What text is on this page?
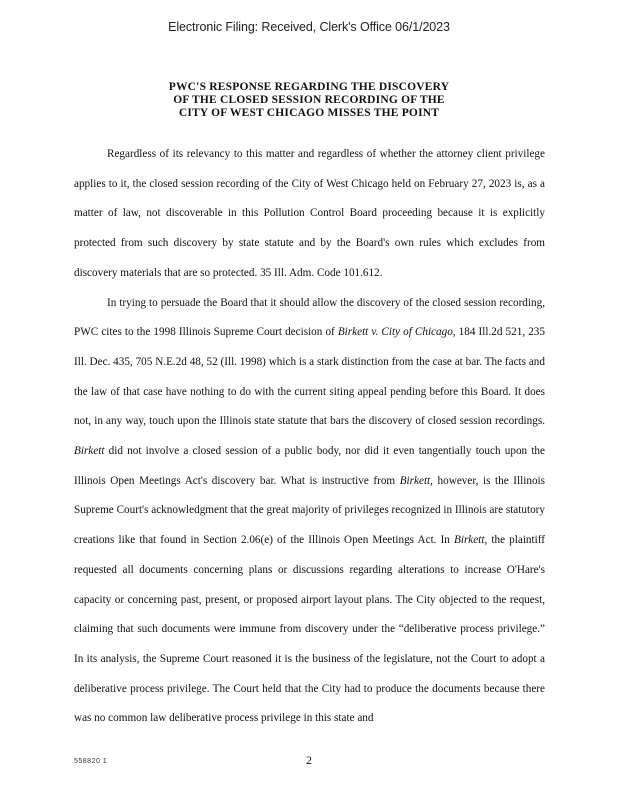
Electronic Filing: Received, Clerk's Office 06/1/2023
PWC'S RESPONSE REGARDING THE DISCOVERY
OF THE CLOSED SESSION RECORDING OF THE
CITY OF WEST CHICAGO MISSES THE POINT

Regardless of its relevancy to this matter and regardless of whether the attorney client privilege applies to it, the closed session recording of the City of West Chicago held on February 27, 2023 is, as a matter of law, not discoverable in this Pollution Control Board proceeding because it is explicitly protected from such discovery by state statute and by the Board's own rules which excludes from discovery materials that are so protected. 35 Ill. Adm. Code 101.612.

In trying to persuade the Board that it should allow the discovery of the closed session recording, PWC cites to the 1998 Illinois Supreme Court decision of Birkett v. City of Chicago, 184 Ill.2d 521, 235 Ill. Dec. 435, 705 N.E.2d 48, 52 (Ill. 1998) which is a stark distinction from the case at bar. The facts and the law of that case have nothing to do with the current siting appeal pending before this Board. It does not, in any way, touch upon the Illinois state statute that bars the discovery of closed session recordings. Birkett did not involve a closed session of a public body, nor did it even tangentially touch upon the Illinois Open Meetings Act's discovery bar. What is instructive from Birkett, however, is the Illinois Supreme Court's acknowledgment that the great majority of privileges recognized in Illinois are statutory creations like that found in Section 2.06(e) of the Illinois Open Meetings Act. In Birkett, the plaintiff requested all documents concerning plans or discussions regarding alterations to increase O'Hare's capacity or concerning past, present, or proposed airport layout plans. The City objected to the request, claiming that such documents were immune from discovery under the “deliberative process privilege.” In its analysis, the Supreme Court reasoned it is the business of the legislature, not the Court to adopt a deliberative process privilege. The Court held that the City had to produce the documents because there was no common law deliberative process privilege in this state and

558820 1	2
